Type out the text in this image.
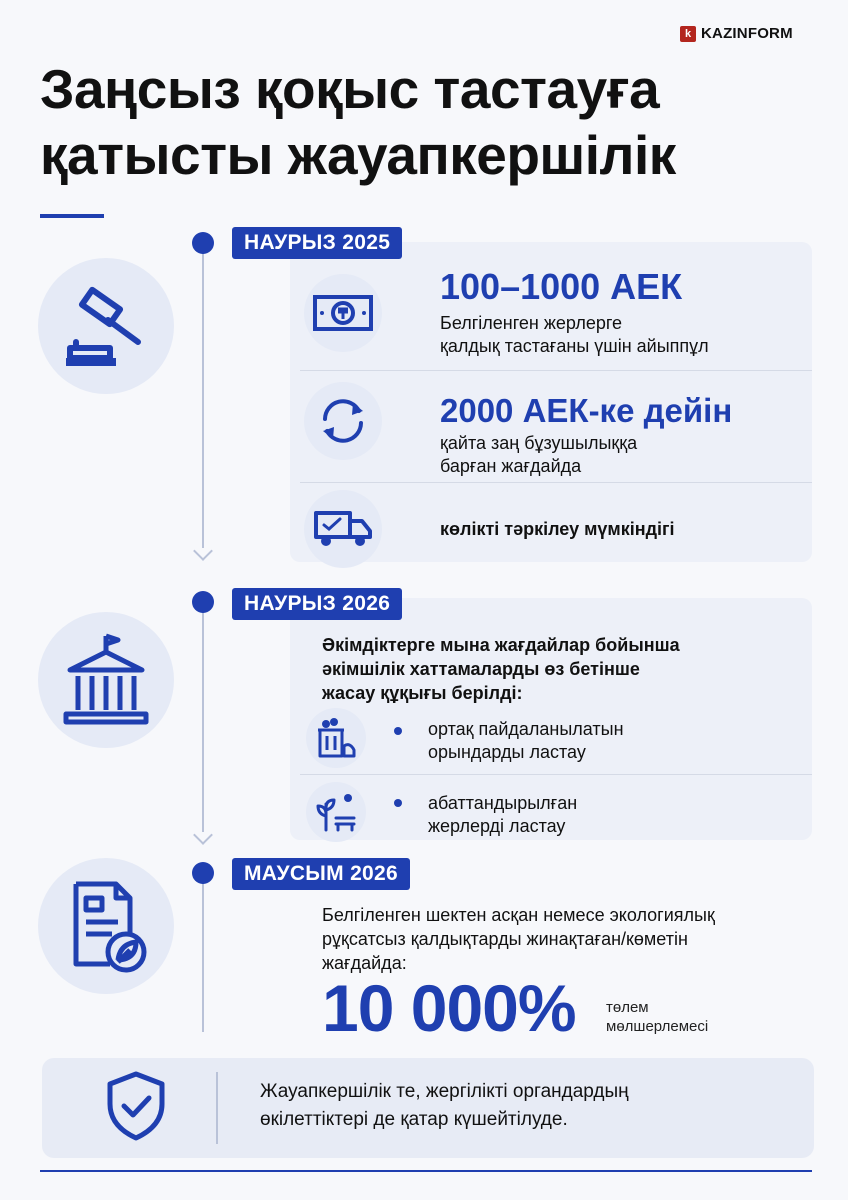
k KAZINFORM
Заңсыз қоқыс тастауға
қатысты жауапкершілік
НАУРЫЗ 2025
100–1000 АЕК
Белгіленген жерлерге
қалдық тастағаны үшін айыппұл
2000 АЕК-ке дейін
қайта заң бұзушылыққа
барған жағдайда
көлікті тәркілеу мүмкіндігі
НАУРЫЗ 2026
Әкімдіктерге мына жағдайлар бойынша
әкімшілік хаттамаларды өз бетінше
жасау құқығы берілді:
ортақ пайдаланылатын
орындарды ластау
абаттандырылған
жерлерді ластау
МАУСЫМ 2026
Белгіленген шектен асқан немесе экологиялық
рұқсатсыз қалдықтарды жинақтаған/көметін
жағдайда:
10 000% төлем
мөлшерлемесі
Жауапкершілік те, жергілікті органдардың
өкілеттіктері де қатар күшейтілуде.
